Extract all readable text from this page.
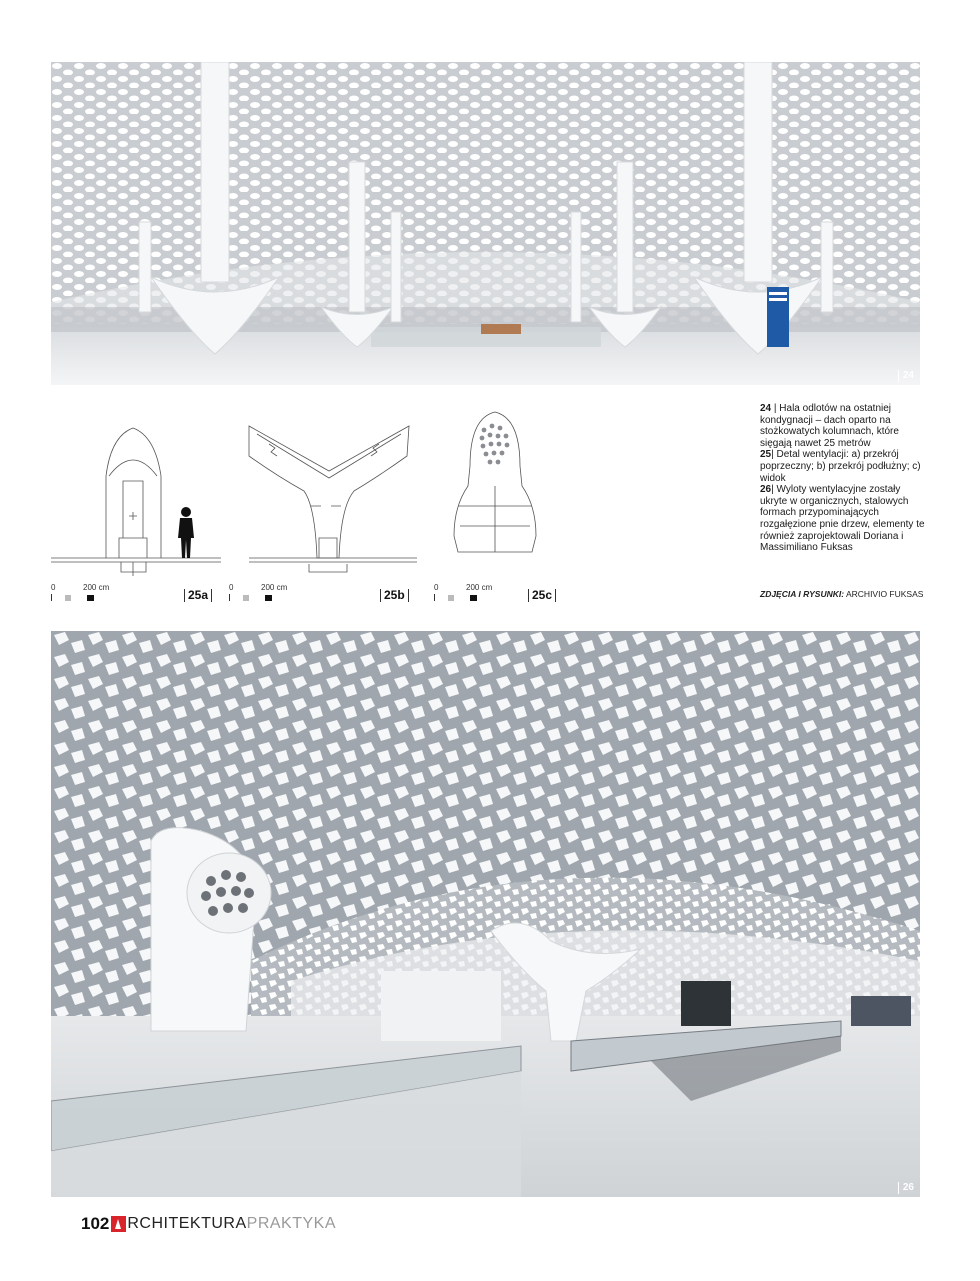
24
0	200 cm
25a
0	200 cm
25b
0	200 cm
25c

24 | Hala odlotów na ostatniej kondygnacji – dach oparto na stożkowatych kolumnach, które sięgają nawet 25 metrów

25| Detal wentylacji: a) przekrój poprzeczny; b) przekrój podłużny; c) widok

26| Wyloty wentylacyjne zostały ukryte w organicznych, stalowych formach przypominających rozgałęzione pnie drzew, elementy te również zaprojektowali Doriana i Massimiliano Fuksas

ZDJĘCIA I RYSUNKI: ARCHIVIO FUKSAS
26
102 RCHITEKTURA PRAKTYKA
